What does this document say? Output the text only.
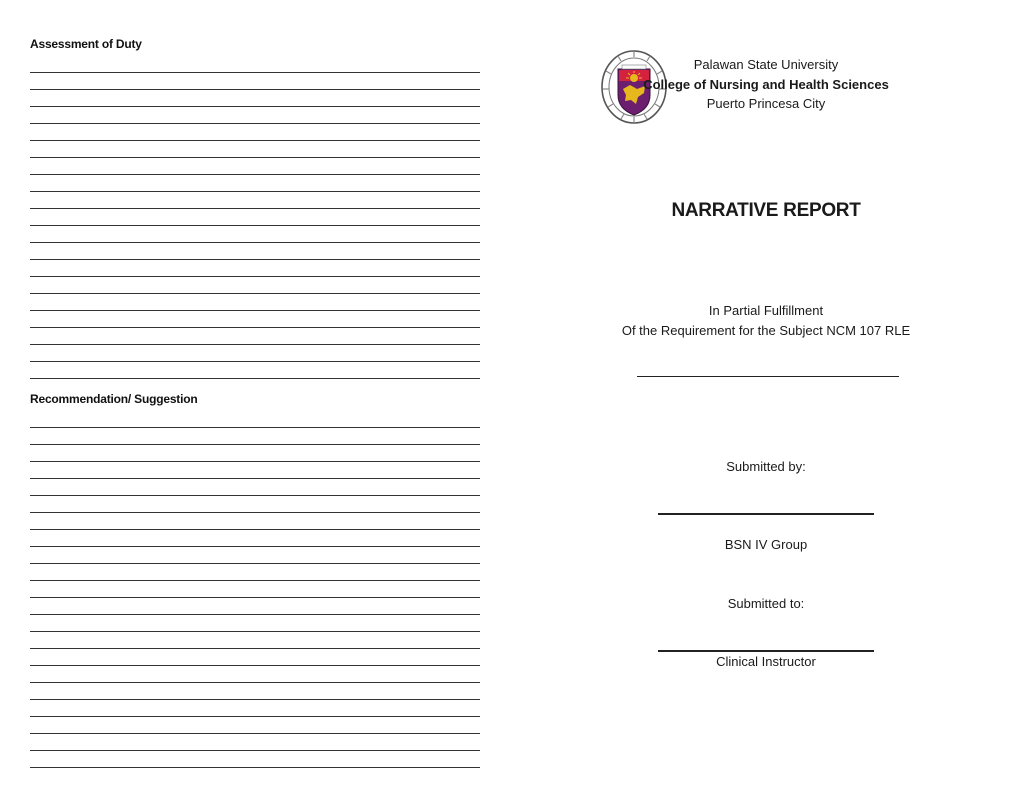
Assessment of Duty
Recommendation/ Suggestion
Palawan State University
College of Nursing and Health Sciences
Puerto Princesa City
NARRATIVE REPORT
In Partial Fulfillment
Of the Requirement for the Subject NCM 107 RLE
Submitted by:
BSN IV Group
Submitted to:
Clinical Instructor
